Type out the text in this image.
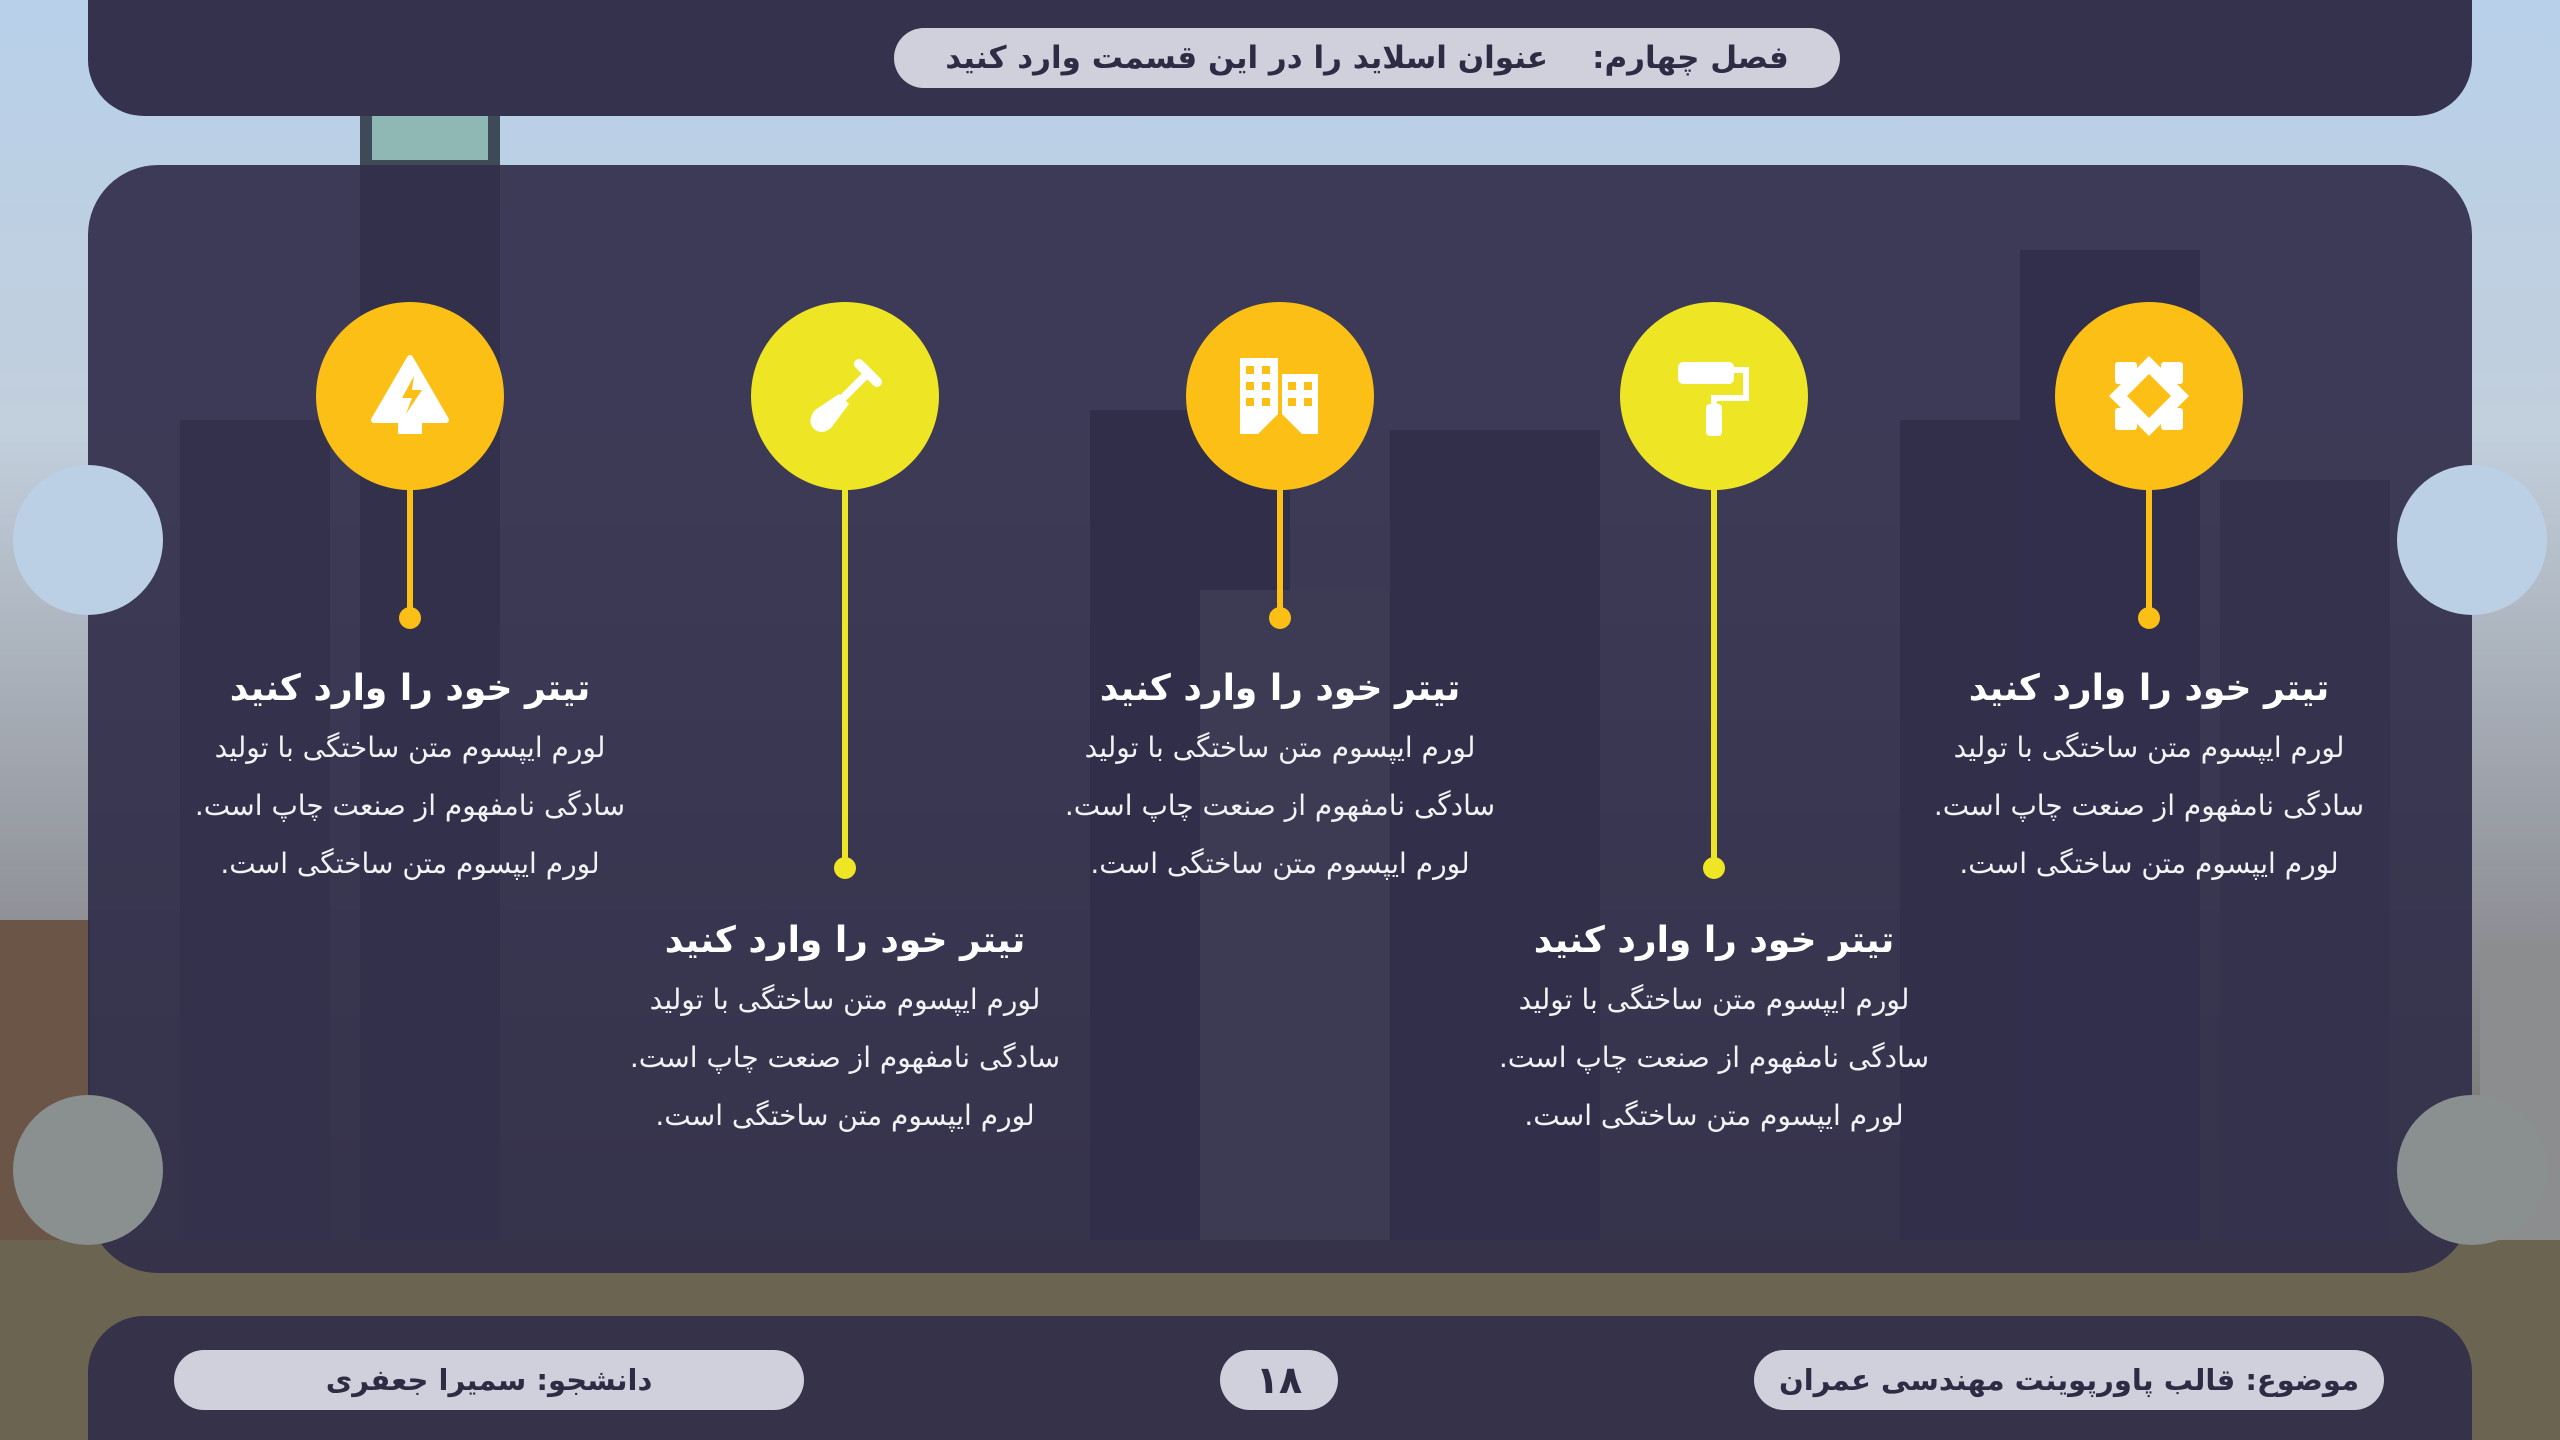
فصل چهارم:
عنوان اسلاید را در این قسمت وارد کنید
تیتر خود را وارد کنید
لورم ایپسوم متن ساختگی با تولید
سادگی نامفهوم از صنعت چاپ است.
لورم ایپسوم متن ساختگی است.
تیتر خود را وارد کنید
لورم ایپسوم متن ساختگی با تولید
سادگی نامفهوم از صنعت چاپ است.
لورم ایپسوم متن ساختگی است.
تیتر خود را وارد کنید
لورم ایپسوم متن ساختگی با تولید
سادگی نامفهوم از صنعت چاپ است.
لورم ایپسوم متن ساختگی است.
تیتر خود را وارد کنید
لورم ایپسوم متن ساختگی با تولید
سادگی نامفهوم از صنعت چاپ است.
لورم ایپسوم متن ساختگی است.
تیتر خود را وارد کنید
لورم ایپسوم متن ساختگی با تولید
سادگی نامفهوم از صنعت چاپ است.
لورم ایپسوم متن ساختگی است.
موضوع: قالب پاورپوینت مهندسی عمران
۱۸
دانشجو: سمیرا جعفری
